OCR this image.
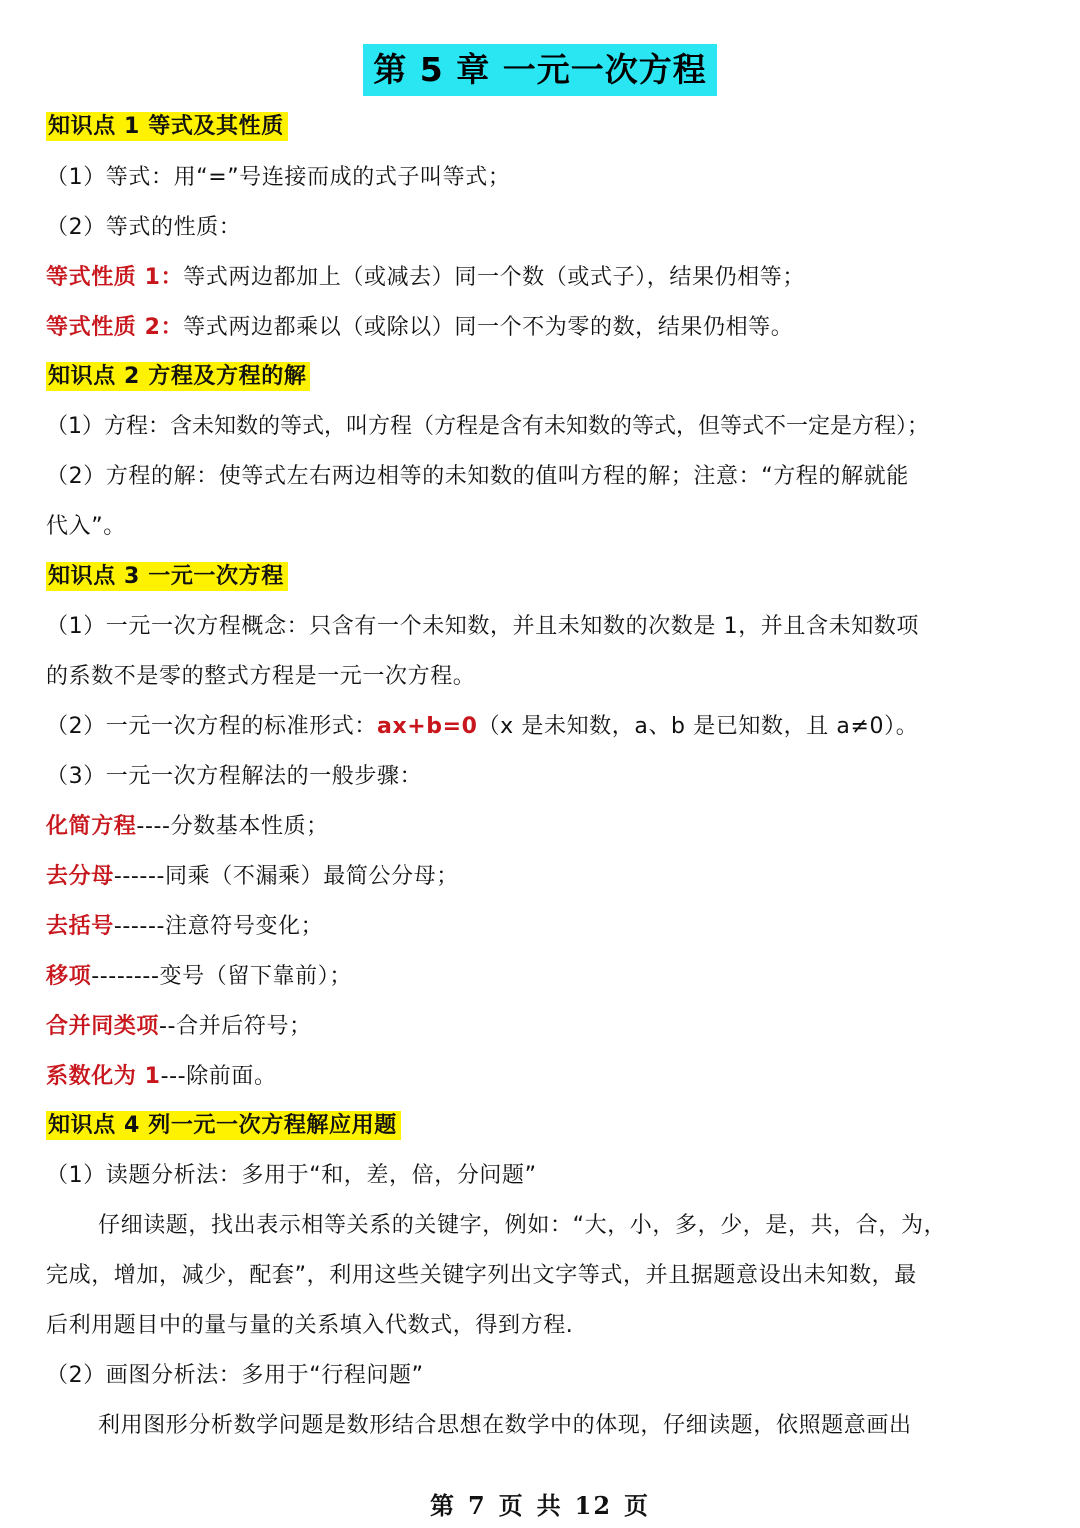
第 5 章 一元一次方程
知识点 1 等式及其性质
（1）等式：用“=”号连接而成的式子叫等式；
（2）等式的性质：
等式性质 1：等式两边都加上（或减去）同一个数（或式子），结果仍相等；
等式性质 2：等式两边都乘以（或除以）同一个不为零的数，结果仍相等。
知识点 2 方程及方程的解
（1）方程：含未知数的等式，叫方程（方程是含有未知数的等式，但等式不一定是方程）；
（2）方程的解：使等式左右两边相等的未知数的值叫方程的解；注意：“方程的解就能
代入”。
知识点 3 一元一次方程
（1）一元一次方程概念：只含有一个未知数，并且未知数的次数是 1，并且含未知数项
的系数不是零的整式方程是一元一次方程。
（2）一元一次方程的标准形式：ax+b=0（x 是未知数，a、b 是已知数，且 a≠0）。
（3）一元一次方程解法的一般步骤：
化简方程----分数基本性质；
去分母------同乘（不漏乘）最简公分母；
去括号------注意符号变化；
移项--------变号（留下靠前）；
合并同类项--合并后符号；
系数化为 1---除前面。
知识点 4 列一元一次方程解应用题
（1）读题分析法：多用于“和，差，倍，分问题”
仔细读题，找出表示相等关系的关键字，例如：“大，小，多，少，是，共，合，为，
完成，增加，减少，配套”，利用这些关键字列出文字等式，并且据题意设出未知数，最
后利用题目中的量与量的关系填入代数式，得到方程.
（2）画图分析法：多用于“行程问题”
利用图形分析数学问题是数形结合思想在数学中的体现，仔细读题，依照题意画出
第 7 页 共 12 页
